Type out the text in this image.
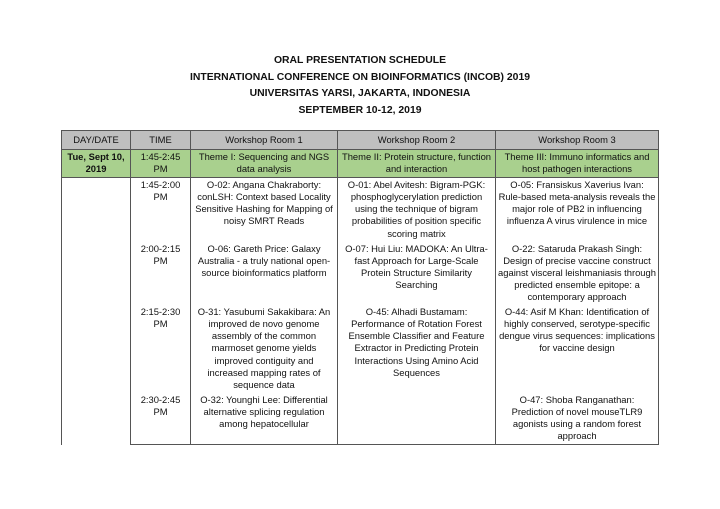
ORAL PRESENTATION SCHEDULE
INTERNATIONAL CONFERENCE ON BIOINFORMATICS (INCOB) 2019
UNIVERSITAS YARSI, JAKARTA, INDONESIA
SEPTEMBER 10-12, 2019
DAY/DATE	TIME	Workshop Room 1	Workshop Room 2	Workshop Room 3
Tue, Sept 10, 2019	1:45-2:45 PM	Theme I: Sequencing and NGS data analysis	Theme II: Protein structure, function and interaction	Theme III: Immuno informatics and host pathogen interactions
	1:45-2:00 PM	O-02: Angana Chakraborty: conLSH: Context based Locality Sensitive Hashing for Mapping of noisy SMRT Reads	O-01: Abel Avitesh: Bigram-PGK: phosphoglycerylation prediction using the technique of bigram probabilities of position specific scoring matrix	O-05: Fransiskus Xaverius Ivan: Rule-based meta-analysis reveals the major role of PB2 in influencing influenza A virus virulence in mice
	2:00-2:15 PM	O-06: Gareth Price: Galaxy Australia - a truly national open-source bioinformatics platform	O-07: Hui Liu: MADOKA: An Ultra-fast Approach for Large-Scale Protein Structure Similarity Searching	O-22: Sataruda Prakash Singh: Design of precise vaccine construct against visceral leishmaniasis through predicted ensemble epitope: a contemporary approach
	2:15-2:30 PM	O-31: Yasubumi Sakakibara: An improved de novo genome assembly of the common marmoset genome yields improved contiguity and increased mapping rates of sequence data	O-45: Alhadi Bustamam: Performance of Rotation Forest Ensemble Classifier and Feature Extractor in Predicting Protein Interactions Using Amino Acid Sequences	O-44: Asif M Khan: Identification of highly conserved, serotype-specific dengue virus sequences: implications for vaccine design
	2:30-2:45 PM	O-32: Younghi Lee: Differential alternative splicing regulation among hepatocellular		O-47: Shoba Ranganathan: Prediction of novel mouseTLR9 agonists using a random forest approach
